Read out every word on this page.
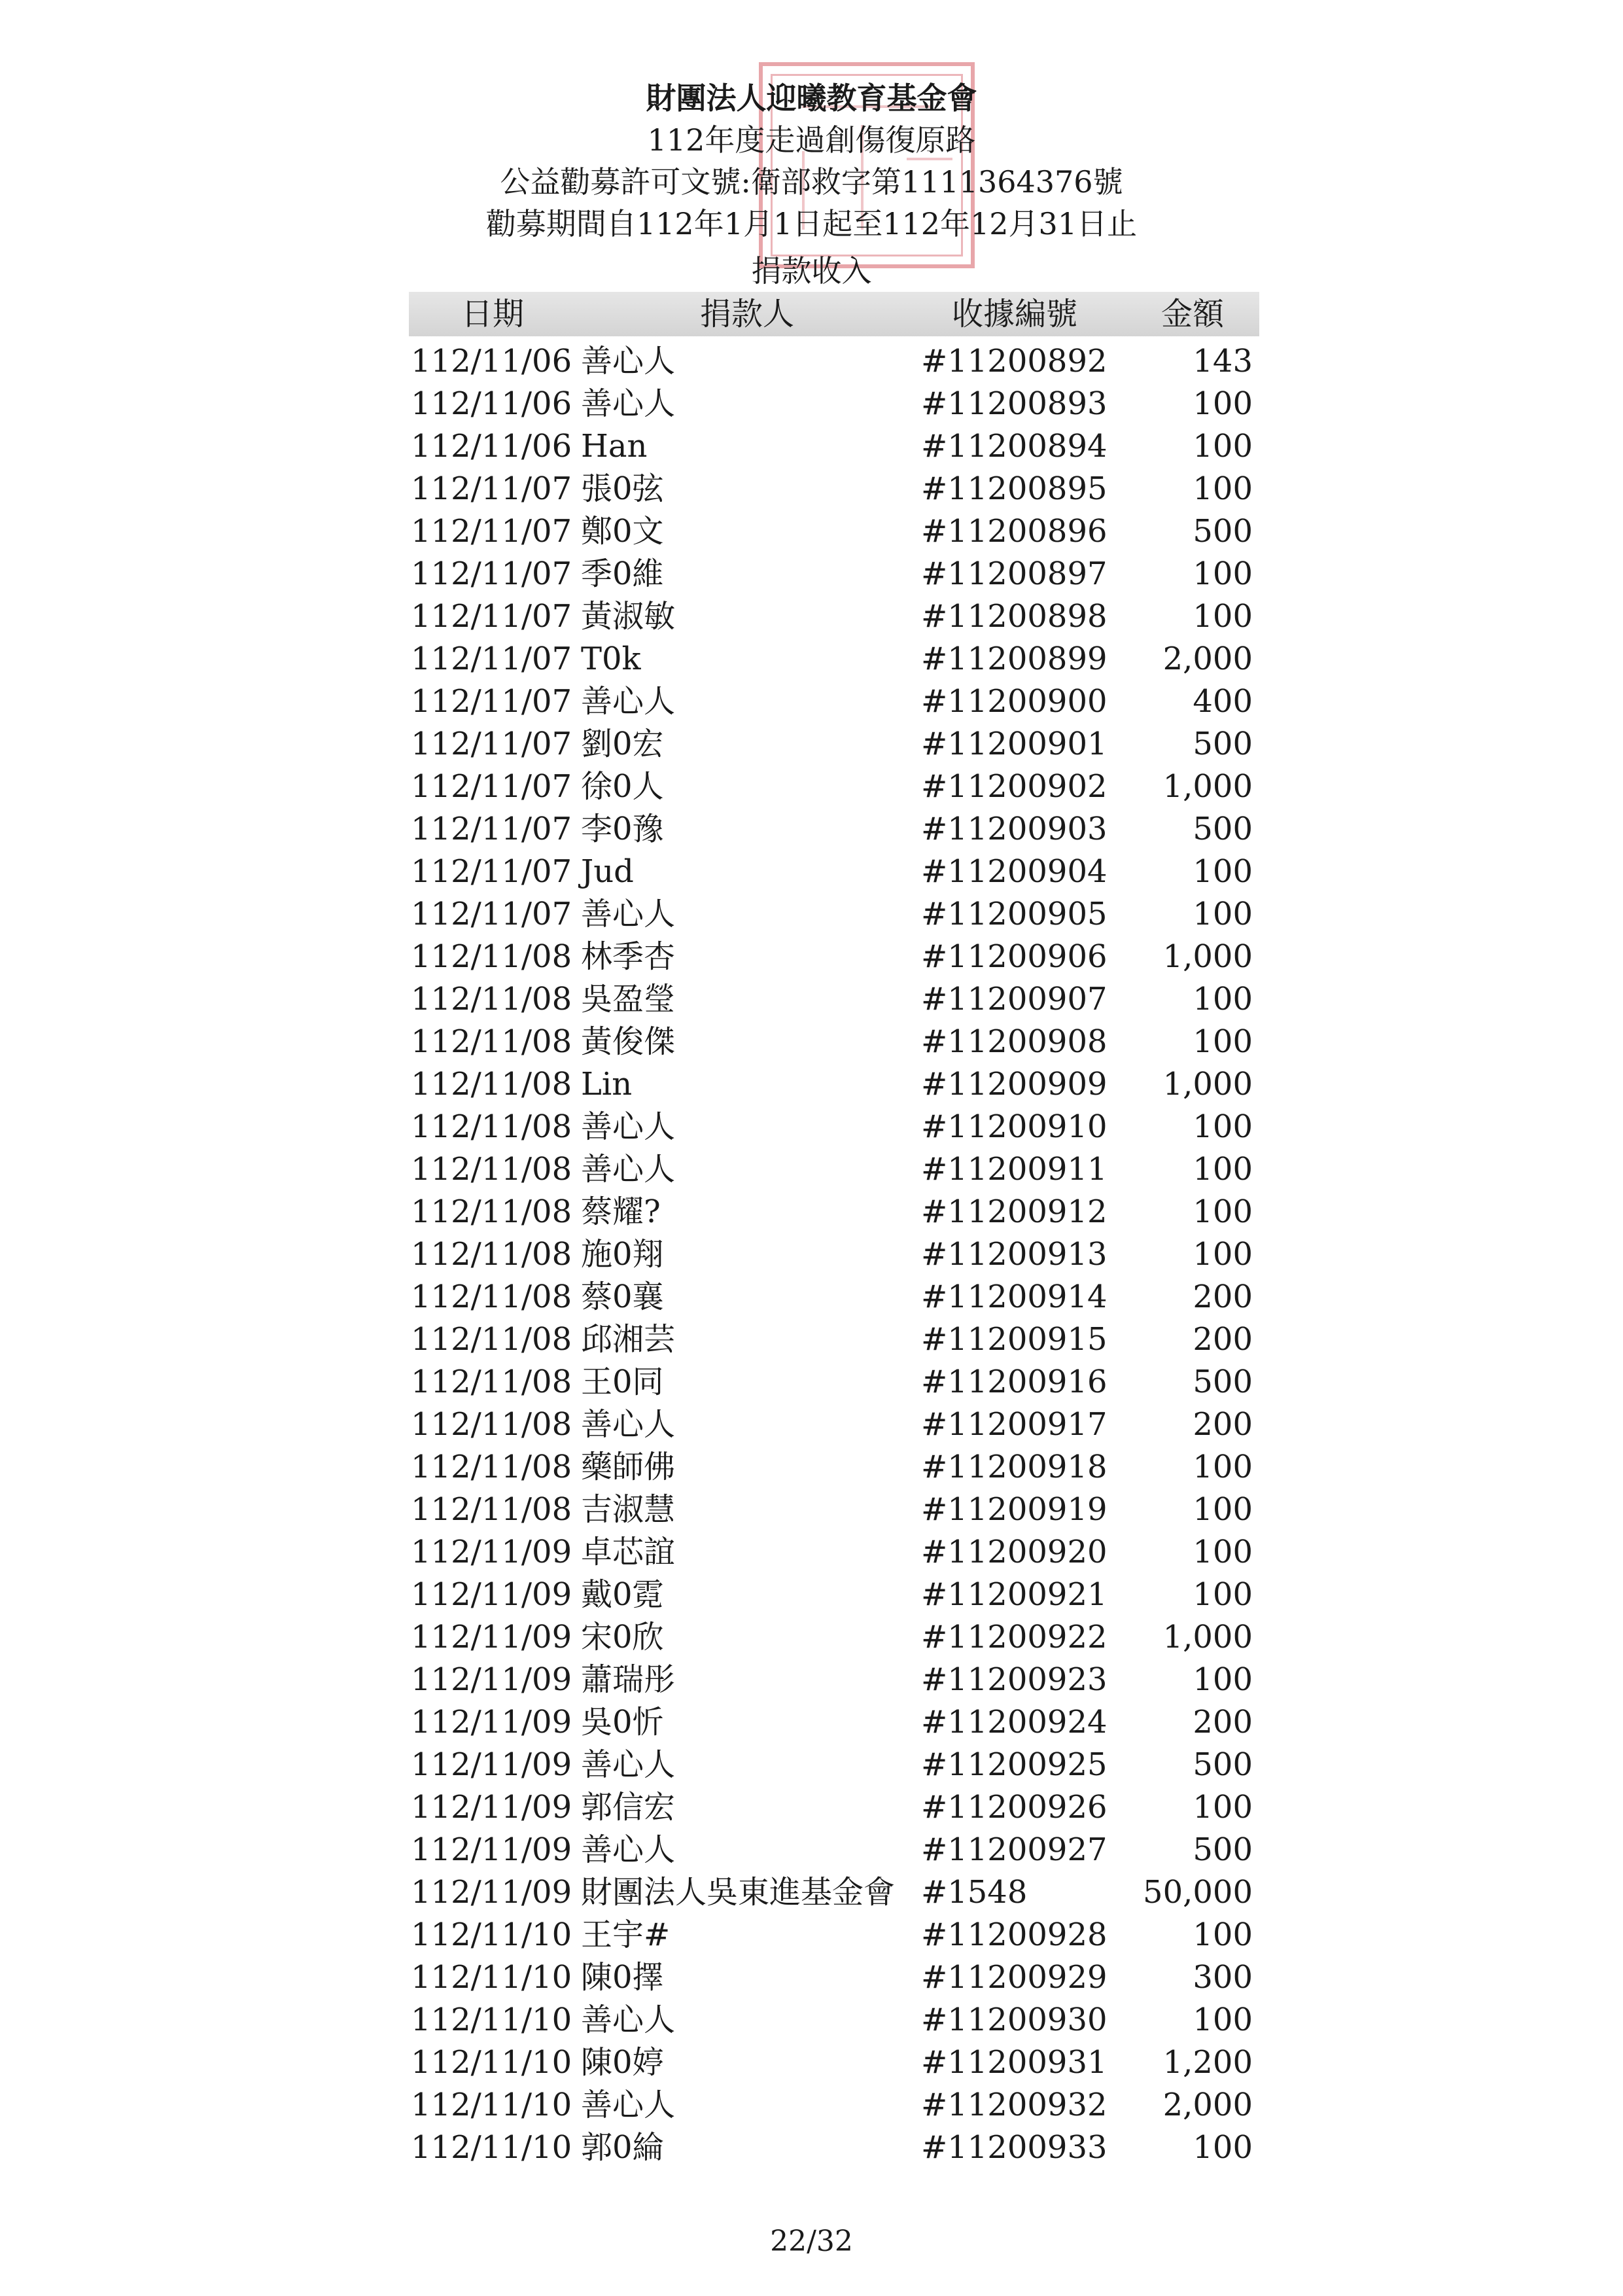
財團法人迎曦教育基金會
112年度走過創傷復原路
公益勸募許可文號:衛部救字第1111364376號
勸募期間自112年1月1日起至112年12月31日止
捐款收入
日期	捐款人	收據編號	金額
112/11/06 善心人	#11200892	143
112/11/06 善心人	#11200893	100
112/11/06 Han	#11200894	100
112/11/07 張0弦	#11200895	100
112/11/07 鄭0文	#11200896	500
112/11/07 季0維	#11200897	100
112/11/07 黃淑敏	#11200898	100
112/11/07 T0k	#11200899 2,000
112/11/07 善心人	#11200900	400
112/11/07 劉0宏	#11200901	500
112/11/07 徐0人	#11200902 1,000
112/11/07 李0豫	#11200903	500
112/11/07 Jud	#11200904	100
112/11/07 善心人	#11200905	100
112/11/08 林季杏	#11200906 1,000
112/11/08 吳盈瑩	#11200907	100
112/11/08 黃俊傑	#11200908	100
112/11/08 Lin	#11200909 1,000
112/11/08 善心人	#11200910	100
112/11/08 善心人	#11200911	100
112/11/08 蔡耀?	#11200912	100
112/11/08 施0翔	#11200913	100
112/11/08 蔡0襄	#11200914	200
112/11/08 邱湘芸	#11200915	200
112/11/08 王0同	#11200916	500
112/11/08 善心人	#11200917	200
112/11/08 藥師佛	#11200918	100
112/11/08 吉淑慧	#11200919	100
112/11/09 卓芯誼	#11200920	100
112/11/09 戴0霓	#11200921	100
112/11/09 宋0欣	#11200922 1,000
112/11/09 蕭瑞彤	#11200923	100
112/11/09 吳0忻	#11200924	200
112/11/09 善心人	#11200925	500
112/11/09 郭信宏	#11200926	100
112/11/09 善心人	#11200927	500
112/11/09 財團法人吳東進基金會 #1548	50,000
112/11/10 王宇#	#11200928	100
112/11/10 陳0擇	#11200929	300
112/11/10 善心人	#11200930	100
112/11/10 陳0婷	#11200931 1,200
112/11/10 善心人	#11200932 2,000
112/11/10 郭0綸	#11200933	100
22/32
